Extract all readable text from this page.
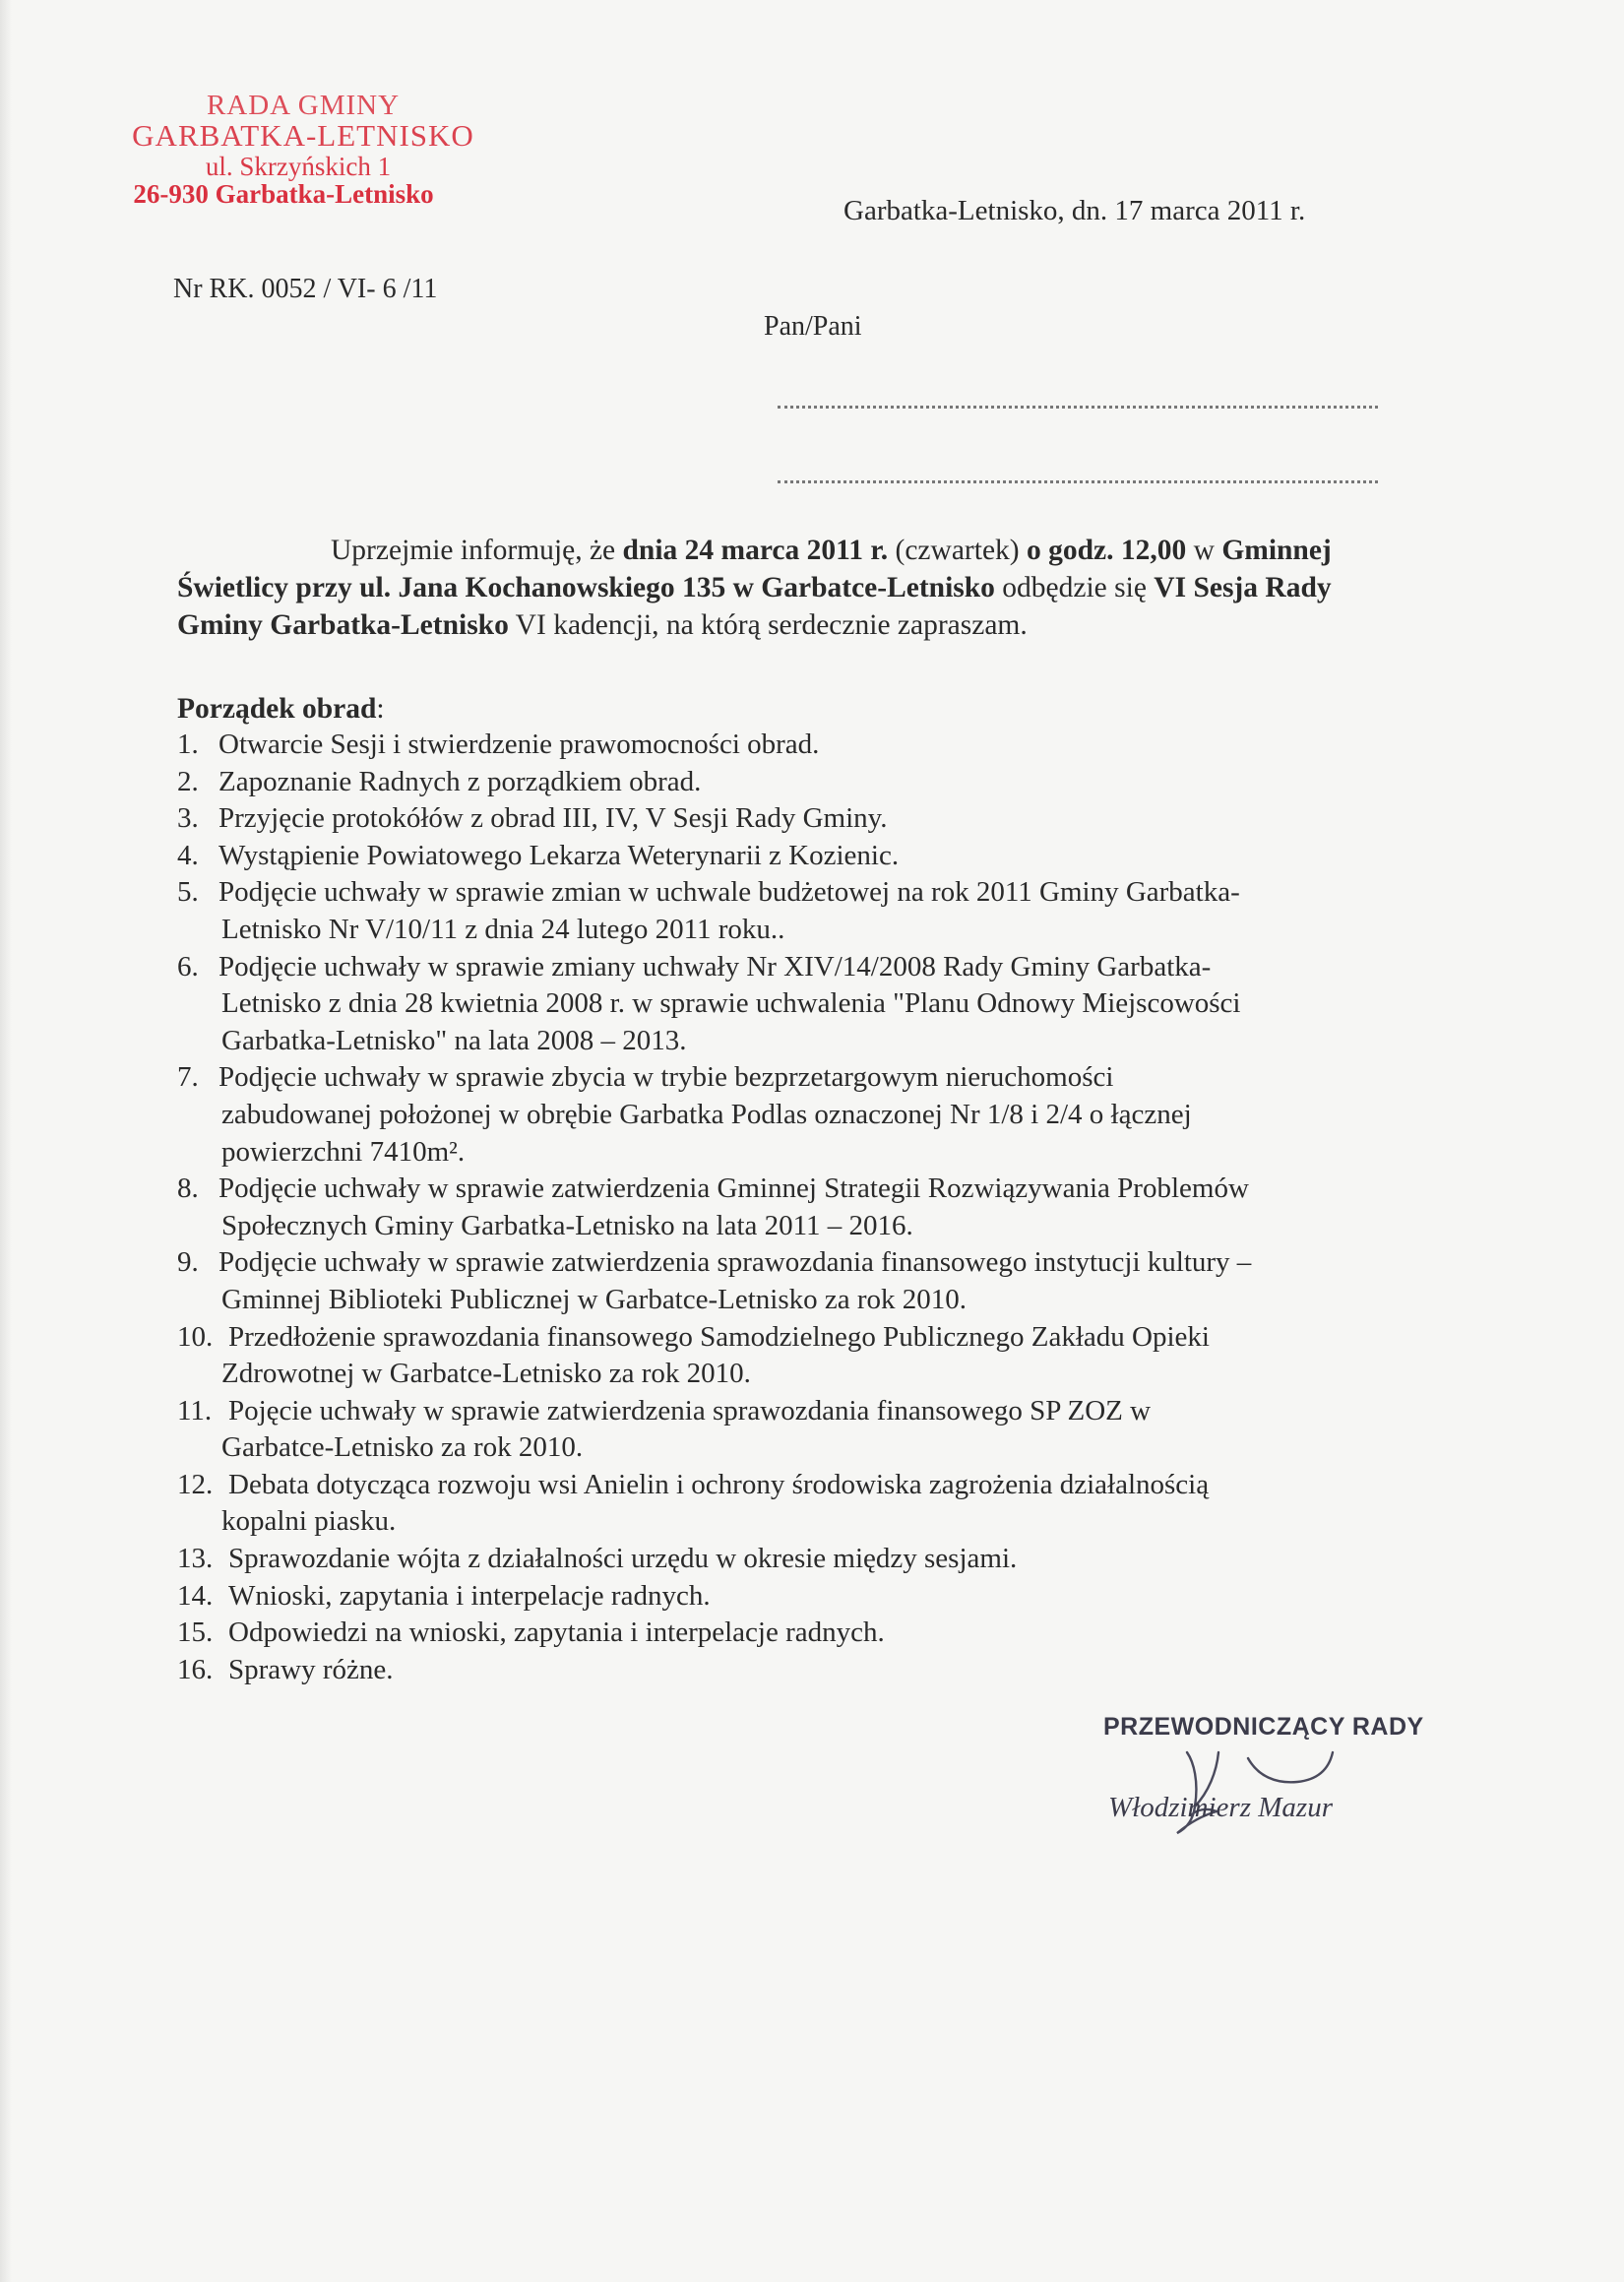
RADA GMINY
GARBATKA-LETNISKO
ul. Skrzyńskich 1
26-930 Garbatka-Letnisko
Garbatka-Letnisko, dn. 17 marca 2011 r.
Nr RK. 0052 / VI- 6 /11
Pan/Pani
Uprzejmie informuję, że dnia 24 marca 2011 r. (czwartek) o godz. 12,00 w Gminnej Świetlicy przy ul. Jana Kochanowskiego 135 w Garbatce-Letnisko odbędzie się VI Sesja Rady Gminy Garbatka-Letnisko VI kadencji, na którą serdecznie zapraszam.
Porządek obrad:
1. Otwarcie Sesji i stwierdzenie prawomocności obrad.
2. Zapoznanie Radnych z porządkiem obrad.
3. Przyjęcie protokółów z obrad III, IV, V Sesji Rady Gminy.
4. Wystąpienie Powiatowego Lekarza Weterynarii z Kozienic.
5. Podjęcie uchwały w sprawie zmian w uchwale budżetowej na rok 2011 Gminy Garbatka-
Letnisko Nr V/10/11 z dnia 24 lutego 2011 roku..
6. Podjęcie uchwały w sprawie zmiany uchwały Nr XIV/14/2008 Rady Gminy Garbatka-
Letnisko z dnia 28 kwietnia 2008 r. w sprawie uchwalenia "Planu Odnowy Miejscowości
Garbatka-Letnisko" na lata 2008 – 2013.
7. Podjęcie uchwały w sprawie zbycia w trybie bezprzetargowym nieruchomości
zabudowanej położonej w obrębie Garbatka Podlas oznaczonej Nr 1/8 i 2/4 o łącznej
powierzchni 7410m².
8. Podjęcie uchwały w sprawie zatwierdzenia Gminnej Strategii Rozwiązywania Problemów
Społecznych Gminy Garbatka-Letnisko na lata 2011 – 2016.
9. Podjęcie uchwały w sprawie zatwierdzenia sprawozdania finansowego instytucji kultury –
Gminnej Biblioteki Publicznej w Garbatce-Letnisko za rok 2010.
10. Przedłożenie sprawozdania finansowego Samodzielnego Publicznego Zakładu Opieki
Zdrowotnej w Garbatce-Letnisko za rok 2010.
11. Pojęcie uchwały w sprawie zatwierdzenia sprawozdania finansowego SP ZOZ w
Garbatce-Letnisko za rok 2010.
12. Debata dotycząca rozwoju wsi Anielin i ochrony środowiska zagrożenia działalnością
kopalni piasku.
13. Sprawozdanie wójta z działalności urzędu w okresie między sesjami.
14. Wnioski, zapytania i interpelacje radnych.
15. Odpowiedzi na wnioski, zapytania i interpelacje radnych.
16. Sprawy różne.
PRZEWODNICZĄCY RADY
Włodzimierz Mazur
